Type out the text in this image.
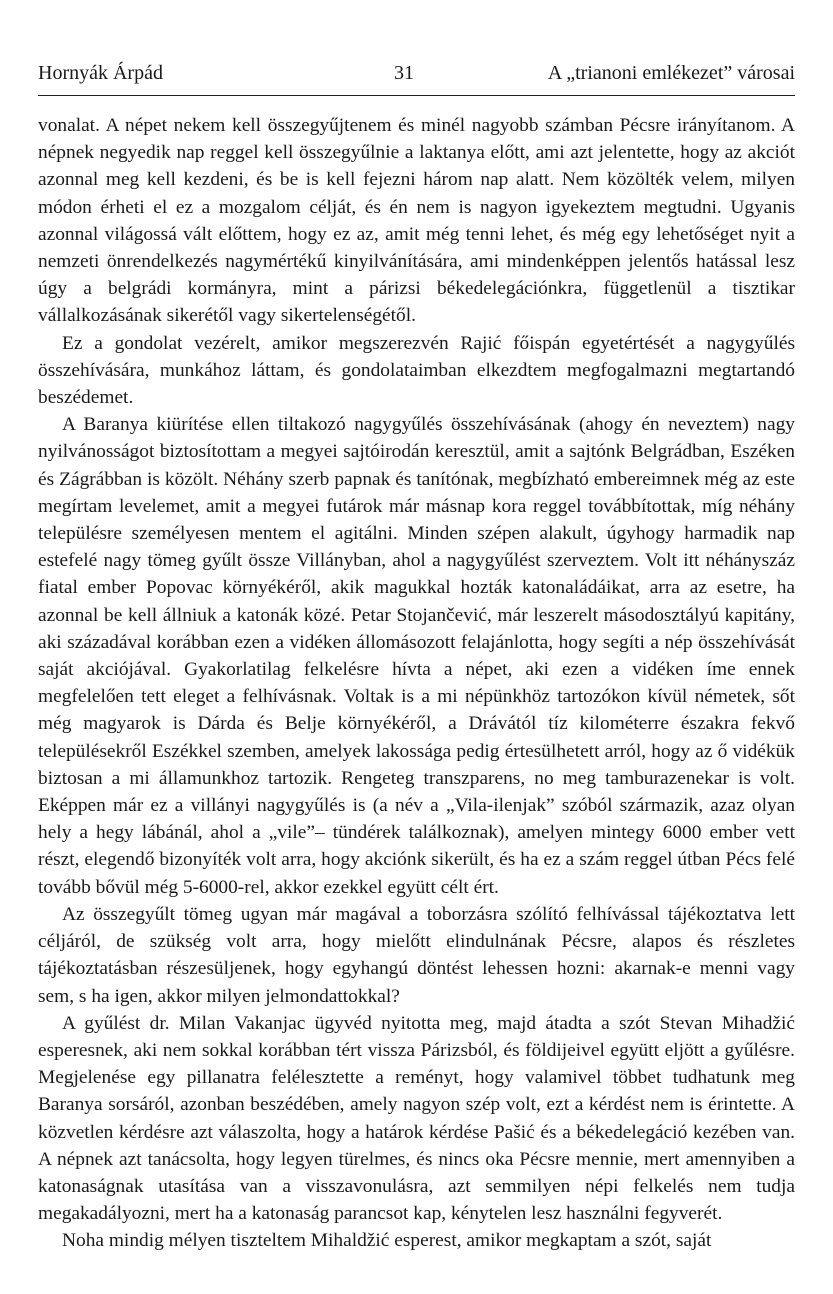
Hornyák Árpád	31	A „trianoni emlékezet” városai

vonalat. A népet nekem kell összegyűjtenem és minél nagyobb számban Pécsre irányítanom. A népnek negyedik nap reggel kell összegyűlnie a laktanya előtt, ami azt jelentette, hogy az akciót azonnal meg kell kezdeni, és be is kell fejezni három nap alatt. Nem közölték velem, milyen módon érheti el ez a mozgalom célját, és én nem is nagyon igyekeztem megtudni. Ugyanis azonnal világossá vált előttem, hogy ez az, amit még tenni lehet, és még egy lehetőséget nyit a nemzeti önrendelkezés nagymértékű kinyilvánítására, ami mindenképpen jelentős hatással lesz úgy a belgrádi kormányra, mint a párizsi békedelegációnkra, függetlenül a tisztikar vállalkozásának sikerétől vagy sikertelenségétől.

Ez a gondolat vezérelt, amikor megszerezvén Rajić főispán egyetértését a nagygyűlés összehívására, munkához láttam, és gondolataimban elkezdtem megfogalmazni megtartandó beszédemet.

A Baranya kiürítése ellen tiltakozó nagygyűlés összehívásának (ahogy én neveztem) nagy nyilvánosságot biztosítottam a megyei sajtóirodán keresztül, amit a sajtónk Belgrádban, Eszéken és Zágrábban is közölt. Néhány szerb papnak és tanítónak, megbízható embereimnek még az este megírtam levelemet, amit a megyei futárok már másnap kora reggel továbbítottak, míg néhány településre személyesen mentem el agitálni. Minden szépen alakult, úgyhogy harmadik nap estefelé nagy tömeg gyűlt össze Villányban, ahol a nagygyűlést szerveztem. Volt itt néhányszáz fiatal ember Popovac környékéről, akik magukkal hozták katonaládáikat, arra az esetre, ha azonnal be kell állniuk a katonák közé. Petar Stojančević, már leszerelt másodosztályú kapitány, aki századával korábban ezen a vidéken állomásozott felajánlotta, hogy segíti a nép összehívását saját akciójával. Gyakorlatilag felkelésre hívta a népet, aki ezen a vidéken íme ennek megfelelően tett eleget a felhívásnak. Voltak is a mi népünkhöz tartozókon kívül németek, sőt még magyarok is Dárda és Belje környékéről, a Drávától tíz kilométerre északra fekvő településekről Eszékkel szemben, amelyek lakossága pedig értesülhetett arról, hogy az ő vidékük biztosan a mi államunkhoz tartozik. Rengeteg transzparens, no meg tamburazenekar is volt. Eképpen már ez a villányi nagygyűlés is (a név a „Vila-ilenjak” szóból származik, azaz olyan hely a hegy lábánál, ahol a „vile”– tündérek találkoznak), amelyen mintegy 6000 ember vett részt, elegendő bizonyíték volt arra, hogy akciónk sikerült, és ha ez a szám reggel útban Pécs felé tovább bővül még 5-6000-rel, akkor ezekkel együtt célt ért.

Az összegyűlt tömeg ugyan már magával a toborzásra szólító felhívással tájékoztatva lett céljáról, de szükség volt arra, hogy mielőtt elindulnának Pécsre, alapos és részletes tájékoztatásban részesüljenek, hogy egyhangú döntést lehessen hozni: akarnak-e menni vagy sem, s ha igen, akkor milyen jelmondattokkal?

A gyűlést dr. Milan Vakanjac ügyvéd nyitotta meg, majd átadta a szót Stevan Mihadžić esperesnek, aki nem sokkal korábban tért vissza Párizsból, és földijeivel együtt eljött a gyűlésre. Megjelenése egy pillanatra felélesztette a reményt, hogy valamivel többet tudhatunk meg Baranya sorsáról, azonban beszédében, amely nagyon szép volt, ezt a kérdést nem is érintette. A közvetlen kérdésre azt válaszolta, hogy a határok kérdése Pašić és a békedelegáció kezében van. A népnek azt tanácsolta, hogy legyen türelmes, és nincs oka Pécsre mennie, mert amennyiben a katonaságnak utasítása van a visszavonulásra, azt semmilyen népi felkelés nem tudja megakadályozni, mert ha a katonaság parancsot kap, kénytelen lesz használni fegyverét.

Noha mindig mélyen tiszteltem Mihaldžić esperest, amikor megkaptam a szót, saját
